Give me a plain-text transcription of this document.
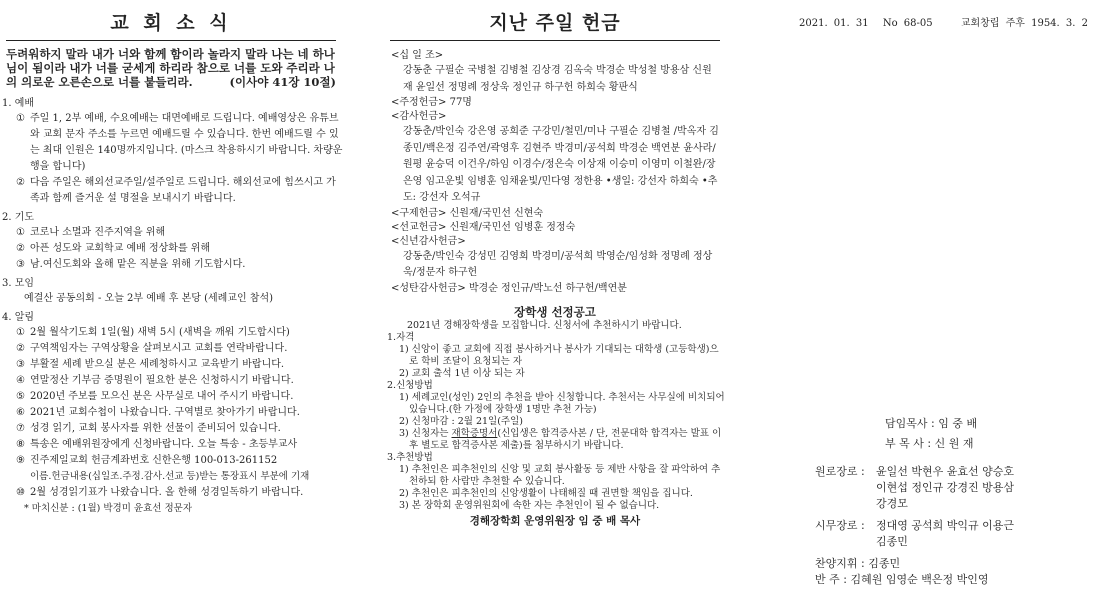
교 회 소 식
두려워하지 말라 내가 너와 함께 함이라 놀라지 말라 나는 네 하나님이 됨이라 내가 너를 굳세게 하리라 참으로 너를 도와 주리라 나의 의로운 오른손으로 너를 붙들리라.	(이사야 41장 10절)
1. 예배
① 주일 1, 2부 예배, 수요예배는 대면예배로 드립니다. 예배영상은 유튜브와 교회 문자 주소를 누르면 예배드릴 수 있습니다. 한번 예배드릴 수 있는 최대 인원은 140명까지입니다. (마스크 착용하시기 바랍니다. 차량운행을 합니다)
② 다음 주일은 해외선교주일/설주일로 드립니다. 해외선교에 힘쓰시고 가족과 함께 즐거운 설 명절을 보내시기 바랍니다.
2. 기도
① 코로나 소멸과 진주지역을 위해
② 아픈 성도와 교회학교 예배 정상화를 위해
③ 남.여신도회와 올해 맡은 직분을 위해 기도합시다.
3. 모임
예결산 공동의회 - 오늘 2부 예배 후 본당 (세례교인 참석)
4. 알림
① 2월 월삭기도회 1일(월) 새벽 5시 (새벽을 깨워 기도합시다)
② 구역책임자는 구역상황을 살펴보시고 교회를 연락바랍니다.
③ 부활절 세례 받으실 분은 세례청하시고 교육받기 바랍니다.
④ 연말정산 기부금 증명원이 필요한 분은 신청하시기 바랍니다.
⑤ 2020년 주보를 모으신 분은 사무실로 내어 주시기 바랍니다.
⑥ 2021년 교회수첩이 나왔습니다. 구역별로 찾아가기 바랍니다.
⑦ 성경 읽기, 교회 봉사자를 위한 선물이 준비되어 있습니다.
⑧ 특송은 예배위원장에게 신청바랍니다. 오늘 특송 - 초등부교사
⑨ 진주제일교회 헌금계좌번호 신한은행 100-013-261152
이름.헌금내용(십일조.주정.감사.선교 등)받는 통장표시 부분에 기재
⑩ 2월 성경읽기표가 나왔습니다. 올 한해 성경일독하기 바랍니다.
* 마치신분 : (1월) 박경미 윤효선 정문자
지난 주일 헌금
<십 일 조>
강동춘 구필순 국병철 김병철 김상경 김옥숙 박경순 박성철 방용삼 신원재 윤일선 정명례 정상욱 정인규 하구헌 하희숙 황판식
<주정헌금> 77명
<감사헌금>
강동춘/박인숙 강은영 공희준 구강민/철민/미나 구필순 김병철 /박옥자 김종민/백은정 김주연/곽영후 김현주 박경미/공석희 박경순 백연분 윤사라/원평 윤승덕 이건우/하임 이경수/정은숙 이상재 이승미 이영미 이철완/장은영 임고운빛 임병훈 임채윤빛/민다영 정한용 •생일: 강선자 하희숙 •추도: 강선자 오석규
<구제헌금> 신원재/국민선 신현숙
<선교헌금> 신원재/국민선 임병훈 정정숙
<신년감사헌금>
강동춘/박인숙 강성민 김영희 박경미/공석희 박영순/임성화 정명례 정상욱/정문자 하구헌
<성탄감사헌금> 박경순 정인규/박노선 하구헌/백연분
장학생 선정공고
2021년 경해장학생을 모집합니다. 신청서에 추천하시기 바랍니다.
1.자격
1) 신앙이 좋고 교회에 직접 봉사하거나 봉사가 기대되는 대학생 (고등학생)으로 학비 조달이 요청되는 자
2) 교회 출석 1년 이상 되는 자
2.신청방법
1) 세례교인(성인) 2인의 추천을 받아 신청합니다. 추천서는 사무실에 비치되어 있습니다.(한 가정에 장학생 1명만 추천 가능)
2) 신청마감 : 2월 21일(주일)
3) 신청자는 재학증명서(신입생은 합격증사본 / 단, 전문대학 합격자는 발표 이후 별도로 합격증사본 제출)를 첨부하시기 바랍니다.
3.추천방법
1) 추천인은 피추천인의 신앙 및 교회 봉사활동 등 제반 사항을 잘 파악하여 추천하되 한 사람만 추천할 수 있습니다.
2) 추천인은 피추천인의 신앙생활이 나태해질 때 권면할 책임을 집니다.
3) 본 장학회 운영위원회에 속한 자는 추천인이 될 수 없습니다.
경해장학회 운영위원장 임 중 배 목사
2021. 01. 31 No 68-05	교회창립 주후 1954. 3. 2
담임목사 : 임 중 배
부 목 사 : 신 원 재
원로장로 : 윤일선 박현우 윤효선 양승호
이현섭 정인규 강경진 방용삼
강경모
시무장로 : 정대영 공석희 박익규 이용근
김종민
찬양지휘 : 김종민
반 주 : 김혜원 임영순 백은정 박인영
